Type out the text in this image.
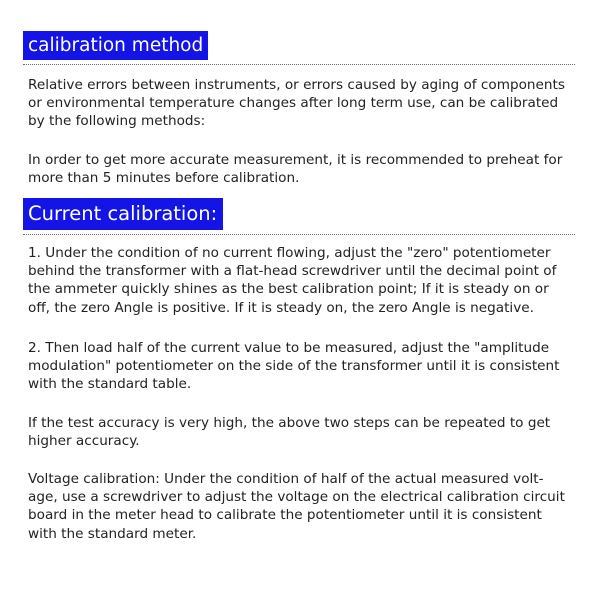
calibration method

Relative errors between instruments, or errors caused by aging of components
or environmental temperature changes after long term use, can be calibrated
by the following methods:

In order to get more accurate measurement, it is recommended to preheat for
more than 5 minutes before calibration.

Current calibration:

1. Under the condition of no current flowing, adjust the "zero" potentiometer
behind the transformer with a flat-head screwdriver until the decimal point of
the ammeter quickly shines as the best calibration point; If it is steady on or
off, the zero Angle is positive. If it is steady on, the zero Angle is negative.

2. Then load half of the current value to be measured, adjust the "amplitude
modulation" potentiometer on the side of the transformer until it is consistent
with the standard table.

If the test accuracy is very high, the above two steps can be repeated to get
higher accuracy.

Voltage calibration: Under the condition of half of the actual measured volt-
age, use a screwdriver to adjust the voltage on the electrical calibration circuit
board in the meter head to calibrate the potentiometer until it is consistent
with the standard meter.
